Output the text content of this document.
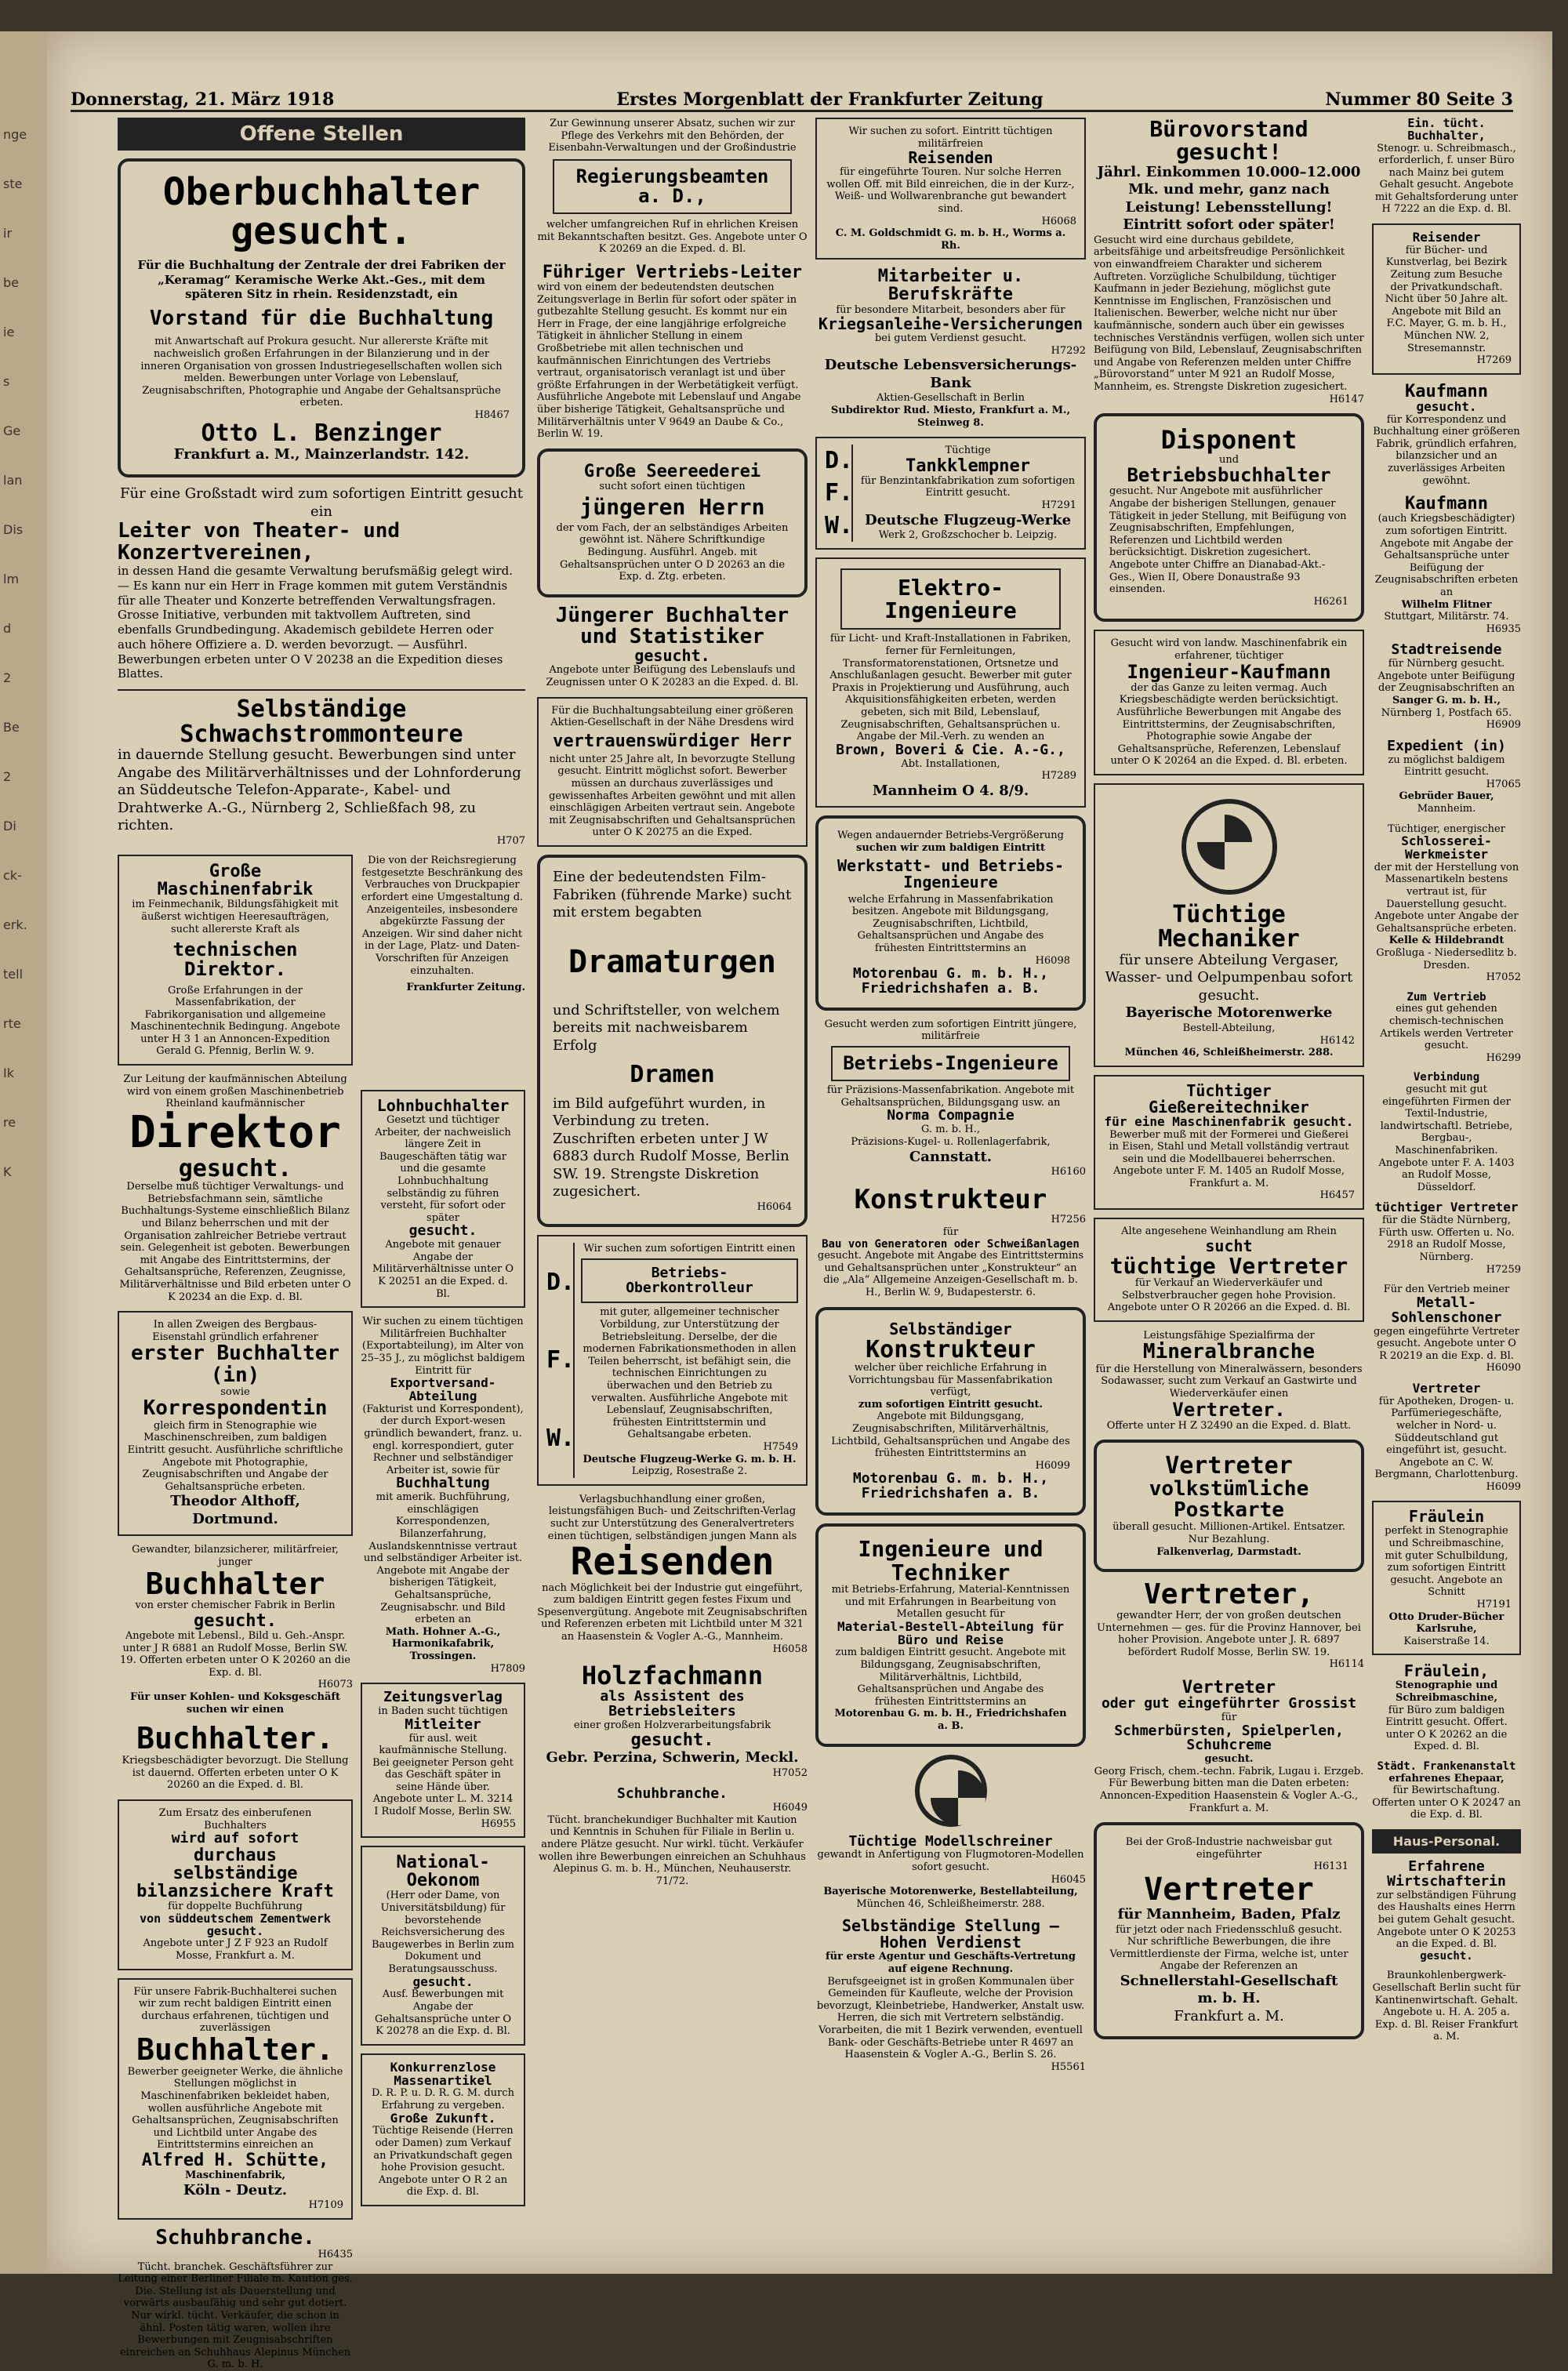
nge
ste
ir
be
ie
s
Ge
lan
Dis
lm
d
2
Be
2
Di
ck-
erk.
tell
rte
Ik
re
K
Donnerstag, 21. März 1918	Erstes Morgenblatt der Frankfurter Zeitung	Nummer 80 Seite 3
Offene Stellen
Oberbuchhalter
gesucht.
Für die Buchhaltung der Zentrale der drei Fabriken der „Keramag“ Keramische Werke Akt.-Ges., mit dem späteren Sitz in rhein. Residenzstadt, ein
Vorstand für die Buchhaltung
mit Anwartschaft auf Prokura gesucht. Nur allererste Kräfte mit nachweislich großen Erfahrungen in der Bilanzierung und in der inneren Organisation von grossen Industriegesellschaften wollen sich melden. Bewerbungen unter Vorlage von Lebenslauf, Zeugnisabschriften, Photographie und Angabe der Gehaltsansprüche erbeten.
H8467
Otto L. Benzinger
Frankfurt a. M., Mainzerlandstr. 142.
Für eine Großstadt wird zum sofortigen Eintritt gesucht ein
Leiter von Theater- und Konzertvereinen,
in dessen Hand die gesamte Verwaltung berufsmäßig gelegt wird. — Es kann nur ein Herr in Frage kommen mit gutem Verständnis für alle Theater und Konzerte betreffenden Verwaltungsfragen. Grosse Initiative, verbunden mit taktvollem Auftreten, sind ebenfalls Grundbedingung. Akademisch gebildete Herren oder auch höhere Offiziere a. D. werden bevorzugt. — Ausführl. Bewerbungen erbeten unter O V 20238 an die Expedition dieses Blattes.
Selbständige Schwachstrommonteure
in dauernde Stellung gesucht. Bewerbungen sind unter Angabe des Militärverhältnisses und der Lohnforderung an Süddeutsche Telefon-Apparate-, Kabel- und Drahtwerke A.-G., Nürnberg 2, Schließfach 98, zu richten.
H707
Große Maschinenfabrik
im Feinmechanik, Bildungsfähigkeit mit äußerst wichtigen Heeresaufträgen, sucht allererste Kraft als
technischen Direktor.
Große Erfahrungen in der Massenfabrikation, der Fabrikorganisation und allgemeine Maschinentechnik Bedingung. Angebote unter H 3 1 an Annoncen-Expedition Gerald G. Pfennig, Berlin W. 9.
Die von der Reichsregierung festgesetzte Beschränkung des Verbrauches von Druckpapier erfordert eine Umgestaltung d. Anzeigenteiles, insbesondere abgekürzte Fassung der Anzeigen. Wir sind daher nicht in der Lage, Platz- und Daten-Vorschriften für Anzeigen einzuhalten.
Frankfurter Zeitung.
Zur Leitung der kaufmännischen Abteilung wird von einem großen Maschinenbetrieb Rheinland kaufmännischer
Direktor
gesucht.
Derselbe muß tüchtiger Verwaltungs- und Betriebsfachmann sein, sämtliche Buchhaltungs-Systeme einschließlich Bilanz und Bilanz beherrschen und mit der Organisation zahlreicher Betriebe vertraut sein. Gelegenheit ist geboten. Bewerbungen mit Angabe des Eintrittstermins, der Gehaltsansprüche, Referenzen, Zeugnisse, Militärverhältnisse und Bild erbeten unter O K 20234 an die Exp. d. Bl.
In allen Zweigen des Bergbaus-Eisenstahl gründlich erfahrener
erster Buchhalter (in)
sowie
Korrespondentin
gleich firm in Stenographie wie Maschinenschreiben, zum baldigen Eintritt gesucht. Ausführliche schriftliche Angebote mit Photographie, Zeugnisabschriften und Angabe der Gehaltsansprüche erbeten.
Theodor Althoff, Dortmund.
Gewandter, bilanzsicherer, militärfreier, junger
Buchhalter
von erster chemischer Fabrik in Berlin
gesucht.
Angebote mit Lebensl., Bild u. Geh.-Anspr. unter J R 6881 an Rudolf Mosse, Berlin SW. 19. Offerten erbeten unter O K 20260 an die Exp. d. Bl.
H6073
Für unser Kohlen- und Koksgeschäft suchen wir einen
Buchhalter.
Kriegsbeschädigter bevorzugt. Die Stellung ist dauernd. Offerten erbeten unter O K 20260 an die Exped. d. Bl.
Zum Ersatz des einberufenen Buchhalters
wird auf sofort
durchaus selbständige
bilanzsichere Kraft
für doppelte Buchführung
von süddeutschem Zementwerk gesucht.
Angebote unter J Z F 923 an Rudolf Mosse, Frankfurt a. M.
Für unsere Fabrik-Buchhalterei suchen wir zum recht baldigen Eintritt einen durchaus erfahrenen, tüchtigen und zuverlässigen
Buchhalter.
Bewerber geeigneter Werke, die ähnliche Stellungen möglichst in Maschinenfabriken bekleidet haben, wollen ausführliche Angebote mit Gehaltsansprüchen, Zeugnisabschriften und Lichtbild unter Angabe des Eintrittstermins einreichen an
Alfred H. Schütte,
Maschinenfabrik,
Köln - Deutz.
H7109
Schuhbranche.
H6435
Tücht. branchek. Geschäftsführer zur Leitung einer Berliner Filiale m. Kaution ges. Die. Stellung ist als Dauerstellung und vorwärts ausbaufähig und sehr gut dotiert. Nur wirkl. tücht. Verkäufer, die schon in ähnl. Posten tätig waren, wollen ihre Bewerbungen mit Zeugnisabschriften einreichen an Schuhhaus Alepinus München G. m. b. H.
Lohnbuchhalter
Gesetzt und tüchtiger Arbeiter, der nachweislich längere Zeit in Baugeschäften tätig war und die gesamte Lohnbuchhaltung selbständig zu führen versteht, für sofort oder später
gesucht.
Angebote mit genauer Angabe der Militärverhältnisse unter O K 20251 an die Exped. d. Bl.
Wir suchen zu einem tüchtigen Militärfreien Buchhalter (Exportabteilung), im Alter von 25–35 J., zu möglichst baldigem Eintritt für
Exportversand-Abteilung
(Fakturist und Korrespondent), der durch Export-wesen gründlich bewandert, franz. u. engl. korrespondiert, guter Rechner und selbständiger Arbeiter ist, sowie für
Buchhaltung
mit amerik. Buchführung, einschlägigen Korrespondenzen, Bilanzerfahrung, Auslandskenntnisse vertraut und selbständiger Arbeiter ist. Angebote mit Angabe der bisherigen Tätigkeit, Gehaltsansprüche, Zeugnisabschr. und Bild erbeten an
Math. Hohner A.-G., Harmonikafabrik, Trossingen.
H7809
Zeitungsverlag
in Baden sucht tüchtigen
Mitleiter
für ausl. weit kaufmännische Stellung. Bei geeigneter Person geht das Geschäft später in seine Hände über. Angebote unter L. M. 3214 I Rudolf Mosse, Berlin SW.
H6955
National-Oekonom
(Herr oder Dame, von Universitätsbildung) für bevorstehende Reichsversicherung des Baugewerbes in Berlin zum Dokument und Beratungsausschuss.
gesucht.
Ausf. Bewerbungen mit Angabe der Gehaltsansprüche unter O K 20278 an die Exp. d. Bl.
Konkurrenzlose Massenartikel
D. R. P. u. D. R. G. M. durch Erfahrung zu vergeben.
Große Zukunft.
Tüchtige Reisende (Herren oder Damen) zum Verkauf an Privatkundschaft gegen hohe Provision gesucht. Angebote unter O R 2 an die Exp. d. Bl.
Zur Gewinnung unserer Absatz, suchen wir zur Pflege des Verkehrs mit den Behörden, der Eisenbahn-Verwaltungen und der Großindustrie
Regierungsbeamten a. D.,
welcher umfangreichen Ruf in ehrlichen Kreisen mit Bekanntschaften besitzt. Ges. Angebote unter O K 20269 an die Exped. d. Bl.
Führiger Vertriebs-Leiter
wird von einem der bedeutendsten deutschen Zeitungsverlage in Berlin für sofort oder später in gutbezahlte Stellung gesucht. Es kommt nur ein Herr in Frage, der eine langjährige erfolgreiche Tätigkeit in ähnlicher Stellung in einem Großbetriebe mit allen technischen und kaufmännischen Einrichtungen des Vertriebs vertraut, organisatorisch veranlagt ist und über größte Erfahrungen in der Werbetätigkeit verfügt. Ausführliche Angebote mit Lebenslauf und Angabe über bisherige Tätigkeit, Gehaltsansprüche und Militärverhältnis unter V 9649 an Daube & Co., Berlin W. 19.
Große Seereederei
sucht sofort einen tüchtigen
jüngeren Herrn
der vom Fach, der an selbständiges Arbeiten gewöhnt ist. Nähere Schriftkundige Bedingung. Ausführl. Angeb. mit Gehaltsansprüchen unter O D 20263 an die Exp. d. Ztg. erbeten.
Jüngerer Buchhalter und Statistiker
gesucht.
Angebote unter Beifügung des Lebenslaufs und Zeugnissen unter O K 20283 an die Exped. d. Bl.
Für die Buchhaltungsabteilung einer größeren Aktien-Gesellschaft in der Nähe Dresdens wird
vertrauenswürdiger Herr
nicht unter 25 Jahre alt, In bevorzugte Stellung gesucht. Eintritt möglichst sofort. Bewerber müssen an durchaus zuverlässiges und gewissenhaftes Arbeiten gewöhnt und mit allen einschlägigen Arbeiten vertraut sein. Angebote mit Zeugnisabschriften und Gehaltsansprüchen unter O K 20275 an die Exped.
Eine der bedeutendsten Film-Fabriken (führende Marke) sucht mit erstem begabten
Dramaturgen
und Schriftsteller, von welchem bereits mit nachweisbarem Erfolg
Dramen
im Bild aufgeführt wurden, in Verbindung zu treten. Zuschriften erbeten unter J W 6883 durch Rudolf Mosse, Berlin SW. 19. Strengste Diskretion zugesichert.
H6064
D.
F.
W.
Wir suchen zum sofortigen Eintritt einen
Betriebs-Oberkontrolleur
mit guter, allgemeiner technischer Vorbildung, zur Unterstützung der Betriebsleitung. Derselbe, der die modernen Fabrikationsmethoden in allen Teilen beherrscht, ist befähigt sein, die technischen Einrichtungen zu überwachen und den Betrieb zu verwalten. Ausführliche Angebote mit Lebenslauf, Zeugnisabschriften, frühesten Eintrittstermin und Gehaltsangabe erbeten.
H7549
Deutsche Flugzeug-Werke G. m. b. H.
Leipzig, Rosestraße 2.
Verlagsbuchhandlung einer großen, leistungsfähigen Buch- und Zeitschriften-Verlag sucht zur Unterstützung des Generalvertreters einen tüchtigen, selbständigen jungen Mann als
Reisenden
nach Möglichkeit bei der Industrie gut eingeführt, zum baldigen Eintritt gegen festes Fixum und Spesenvergütung. Angebote mit Zeugnisabschriften und Referenzen erbeten mit Lichtbild unter M 321 an Haasenstein & Vogler A.-G., Mannheim.
H6058
Holzfachmann
als Assistent des Betriebsleiters
einer großen Holzverarbeitungsfabrik
gesucht.
Gebr. Perzina, Schwerin, Meckl.
H7052
Schuhbranche.
H6049
Tücht. branchekundiger Buchhalter mit Kaution und Kenntnis in Schuhen für Filiale in Berlin u. andere Plätze gesucht. Nur wirkl. tücht. Verkäufer wollen ihre Bewerbungen einreichen an Schuhhaus Alepinus G. m. b. H., München, Neuhauserstr. 71/72.
Wir suchen zu sofort. Eintritt tüchtigen militärfreien
Reisenden
für eingeführte Touren. Nur solche Herren wollen Off. mit Bild einreichen, die in der Kurz-, Weiß- und Wollwarenbranche gut bewandert sind.
H6068
C. M. Goldschmidt G. m. b. H., Worms a. Rh.
Mitarbeiter u. Berufskräfte
für besondere Mitarbeit, besonders aber für
Kriegsanleihe-Versicherungen
bei gutem Verdienst gesucht.
H7292
Deutsche Lebensversicherungs-Bank
Aktien-Gesellschaft in Berlin
Subdirektor Rud. Miesto, Frankfurt a. M., Steinweg 8.
D.
F.
W.
Tüchtige
Tankklempner
für Benzintankfabrikation zum sofortigen Eintritt gesucht.
H7291
Deutsche Flugzeug-Werke
Werk 2, Großzschocher b. Leipzig.
Elektro-Ingenieure
für Licht- und Kraft-Installationen in Fabriken, ferner für Fernleitungen, Transformatorenstationen, Ortsnetze und Anschlußanlagen gesucht. Bewerber mit guter Praxis in Projektierung und Ausführung, auch Akquisitionsfähigkeiten erbeten, werden gebeten, sich mit Bild, Lebenslauf, Zeugnisabschriften, Gehaltsansprüchen u. Angabe der Mil.-Verh. zu wenden an
Brown, Boveri & Cie. A.-G.,
Abt. Installationen,
H7289
Mannheim O 4. 8/9.
Wegen andauernder Betriebs-Vergrößerung
suchen wir zum baldigen Eintritt
Werkstatt- und Betriebs-Ingenieure
welche Erfahrung in Massenfabrikation besitzen. Angebote mit Bildungsgang, Zeugnisabschriften, Lichtbild, Gehaltsansprüchen und Angabe des frühesten Eintrittstermins an
H6098
Motorenbau G. m. b. H.,
Friedrichshafen a. B.
Gesucht werden zum sofortigen Eintritt jüngere, militärfreie
Betriebs-Ingenieure
für Präzisions-Massenfabrikation. Angebote mit Gehaltsansprüchen, Bildungsgang usw. an
Norma Compagnie
G. m. b. H.,
Präzisions-Kugel- u. Rollenlagerfabrik,
Cannstatt.
H6160
Konstrukteur
H7256
für
Bau von Generatoren oder Schweißanlagen
gesucht. Angebote mit Angabe des Eintrittstermins und Gehaltsansprüchen unter „Konstrukteur“ an die „Ala“ Allgemeine Anzeigen-Gesellschaft m. b. H., Berlin W. 9, Budapesterstr. 6.
Selbständiger
Konstrukteur
welcher über reichliche Erfahrung in Vorrichtungsbau für Massenfabrikation verfügt,
zum sofortigen Eintritt gesucht.
Angebote mit Bildungsgang, Zeugnisabschriften, Militärverhältnis, Lichtbild, Gehaltsansprüchen und Angabe des frühesten Eintrittstermins an
H6099
Motorenbau G. m. b. H.,
Friedrichshafen a. B.
Ingenieure und Techniker
mit Betriebs-Erfahrung, Material-Kenntnissen und mit Erfahrungen in Bearbeitung von Metallen gesucht für
Material-Bestell-Abteilung für Büro und Reise
zum baldigen Eintritt gesucht. Angebote mit Bildungsgang, Zeugnisabschriften, Militärverhältnis, Lichtbild, Gehaltsansprüchen und Angabe des frühesten Eintrittstermins an
Motorenbau G. m. b. H., Friedrichshafen a. B.
Tüchtige Modellschreiner
gewandt in Anfertigung von Flugmotoren-Modellen sofort gesucht.
H6045
Bayerische Motorenwerke, Bestellabteilung,
München 46, Schleißheimerstr. 288.
Selbständige Stellung — Hohen Verdienst
für erste Agentur und Geschäfts-Vertretung auf eigene Rechnung.
Berufsgeeignet ist in großen Kommunalen über Gemeinden für Kaufleute, welche der Provision bevorzugt, Kleinbetriebe, Handwerker, Anstalt usw. Herren, die sich mit Vertretern selbständig. Vorarbeiten, die mit 1 Bezirk verwenden, eventuell Bank- oder Geschäfts-Betriebe unter R 4697 an Haasenstein & Vogler A.-G., Berlin S. 26.
H5561
Bürovorstand gesucht!
Jährl. Einkommen 10.000–12.000 Mk. und mehr, ganz nach Leistung! Lebensstellung!
Eintritt sofort oder später!
Gesucht wird eine durchaus gebildete, arbeitsfähige und arbeitsfreudige Persönlichkeit von einwandfreiem Charakter und sicherem Auftreten. Vorzügliche Schulbildung, tüchtiger Kaufmann in jeder Beziehung, möglichst gute Kenntnisse im Englischen, Französischen und Italienischen. Bewerber, welche nicht nur über kaufmännische, sondern auch über ein gewisses technisches Verständnis verfügen, wollen sich unter Beifügung von Bild, Lebenslauf, Zeugnisabschriften und Angabe von Referenzen melden unter Chiffre „Bürovorstand“ unter M 921 an Rudolf Mosse, Mannheim, es. Strengste Diskretion zugesichert.
H6147
Disponent
und
Betriebsbuchhalter
gesucht. Nur Angebote mit ausführlicher Angabe der bisherigen Stellungen, genauer Tätigkeit in jeder Stellung, mit Beifügung von Zeugnisabschriften, Empfehlungen, Referenzen und Lichtbild werden berücksichtigt. Diskretion zugesichert. Angebote unter Chiffre an Dianabad-Akt.-Ges., Wien II, Obere Donaustraße 93 einsenden.
H6261
Gesucht wird von landw. Maschinenfabrik ein erfahrener, tüchtiger
Ingenieur-Kaufmann
der das Ganze zu leiten vermag. Auch Kriegsbeschädigte werden berücksichtigt. Ausführliche Bewerbungen mit Angabe des Eintrittstermins, der Zeugnisabschriften, Photographie sowie Angabe der Gehaltsansprüche, Referenzen, Lebenslauf unter O K 20264 an die Exped. d. Bl. erbeten.
Tüchtige Mechaniker
für unsere Abteilung Vergaser, Wasser- und Oelpumpenbau sofort gesucht.
Bayerische Motorenwerke
Bestell-Abteilung,
H6142
München 46, Schleißheimerstr. 288.
Tüchtiger Gießereitechniker
für eine Maschinenfabrik gesucht.
Bewerber muß mit der Formerei und Gießerei in Eisen, Stahl und Metall vollständig vertraut sein und die Modellbauerei beherrschen. Angebote unter F. M. 1405 an Rudolf Mosse, Frankfurt a. M.
H6457
Alte angesehene Weinhandlung am Rhein
sucht
tüchtige Vertreter
für Verkauf an Wiederverkäufer und Selbstverbraucher gegen hohe Provision. Angebote unter O R 20266 an die Exped. d. Bl.
Leistungsfähige Spezialfirma der
Mineralbranche
für die Herstellung von Mineralwässern, besonders Sodawasser, sucht zum Verkauf an Gastwirte und Wiederverkäufer einen
Vertreter.
Offerte unter H Z 32490 an die Exped. d. Blatt.
Vertreter
volkstümliche Postkarte
überall gesucht. Millionen-Artikel. Entsatzer. Nur Bezahlung.
Falkenverlag, Darmstadt.
Vertreter,
gewandter Herr, der von großen deutschen Unternehmen — ges. für die Provinz Hannover, bei hoher Provision. Angebote unter J. R. 6897 befördert Rudolf Mosse, Berlin SW. 19.
H6114
Vertreter
oder gut eingeführter Grossist
für
Schmerbürsten, Spielperlen, Schuhcreme
gesucht.
Georg Frisch, chem.-techn. Fabrik, Lugau i. Erzgeb. Für Bewerbung bitten man die Daten erbeten: Annoncen-Expedition Haasenstein & Vogler A.-G., Frankfurt a. M.
Bei der Groß-Industrie nachweisbar gut eingeführter
H6131
Vertreter
für Mannheim, Baden, Pfalz
für jetzt oder nach Friedensschluß gesucht. Nur schriftliche Bewerbungen, die ihre Vermittlerdienste der Firma, welche ist, unter Angabe der Referenzen an
Schnellerstahl-Gesellschaft m. b. H.
Frankfurt a. M.
Ein. tücht. Buchhalter,
Stenogr. u. Schreibmasch., erforderlich, f. unser Büro nach Mainz bei gutem Gehalt gesucht. Angebote mit Gehaltsforderung unter H 7222 an die Exp. d. Bl.
Reisender
für Bücher- und Kunstverlag, bei Bezirk Zeitung zum Besuche der Privatkundschaft. Nicht über 50 Jahre alt. Angebote mit Bild an F.C. Mayer, G. m. b. H., München NW. 2, Stresemannstr.
H7269
Kaufmann
gesucht.
für Korrespondenz und Buchhaltung einer größeren Fabrik, gründlich erfahren, bilanzsicher und an zuverlässiges Arbeiten gewöhnt.
Kaufmann
(auch Kriegsbeschädigter) zum sofortigen Eintritt. Angebote mit Angabe der Gehaltsansprüche unter Beifügung der Zeugnisabschriften erbeten an
Wilhelm Flitner
Stuttgart, Militärstr. 74.
H6935
Stadtreisende
für Nürnberg gesucht. Angebote unter Beifügung der Zeugnisabschriften an
Sanger G. m. b. H.,
Nürnberg 1, Postfach 65.
H6909
Expedient (in)
zu möglichst baldigem Eintritt gesucht.
H7065
Gebrüder Bauer,
Mannheim.
Tüchtiger, energischer
Schlosserei-Werkmeister
der mit der Herstellung von Massenartikeln bestens vertraut ist, für Dauerstellung gesucht. Angebote unter Angabe der Gehaltsansprüche erbeten.
Kelle & Hildebrandt
Großluga - Niedersedlitz b. Dresden.
H7052
Zum Vertrieb
eines gut gehenden chemisch-technischen Artikels werden Vertreter gesucht.
H6299
Verbindung
gesucht mit gut eingeführten Firmen der Textil-Industrie, landwirtschaftl. Betriebe, Bergbau-, Maschinenfabriken. Angebote unter F. A. 1403 an Rudolf Mosse, Düsseldorf.
tüchtiger Vertreter
für die Städte Nürnberg, Fürth usw. Offerten u. No. 2918 an Rudolf Mosse, Nürnberg.
H7259
Für den Vertrieb meiner
Metall-Sohlenschoner
gegen eingeführte Vertreter gesucht. Angebote unter O R 20219 an die Exp. d. Bl.
H6090
Vertreter
für Apotheken, Drogen- u. Parfümeriegeschäfte, welcher in Nord- u. Süddeutschland gut eingeführt ist, gesucht. Angebote an C. W. Bergmann, Charlottenburg.
H6099
Fräulein
perfekt in Stenographie und Schreibmaschine, mit guter Schulbildung, zum sofortigen Eintritt gesucht. Angebote an Schnitt
H7191
Otto Druder-Bücher Karlsruhe,
Kaiserstraße 14.
Fräulein,
Stenographie und Schreibmaschine,
für Büro zum baldigen Eintritt gesucht. Offert. unter O K 20262 an die Exped. d. Bl.
Städt. Frankenanstalt
erfahrenes Ehepaar,
für Bewirtschaftung. Offerten unter O K 20247 an die Exp. d. Bl.
Haus-Personal.
Erfahrene Wirtschafterin
zur selbständigen Führung des Haushalts eines Herrn bei gutem Gehalt gesucht. Angebote unter O K 20253 an die Exped. d. Bl.
gesucht.
Braunkohlenbergwerk-Gesellschaft Berlin sucht für Kantinenwirtschaft. Gehalt. Angebote u. H. A. 205 a. Exp. d. Bl. Reiser Frankfurt a. M.
